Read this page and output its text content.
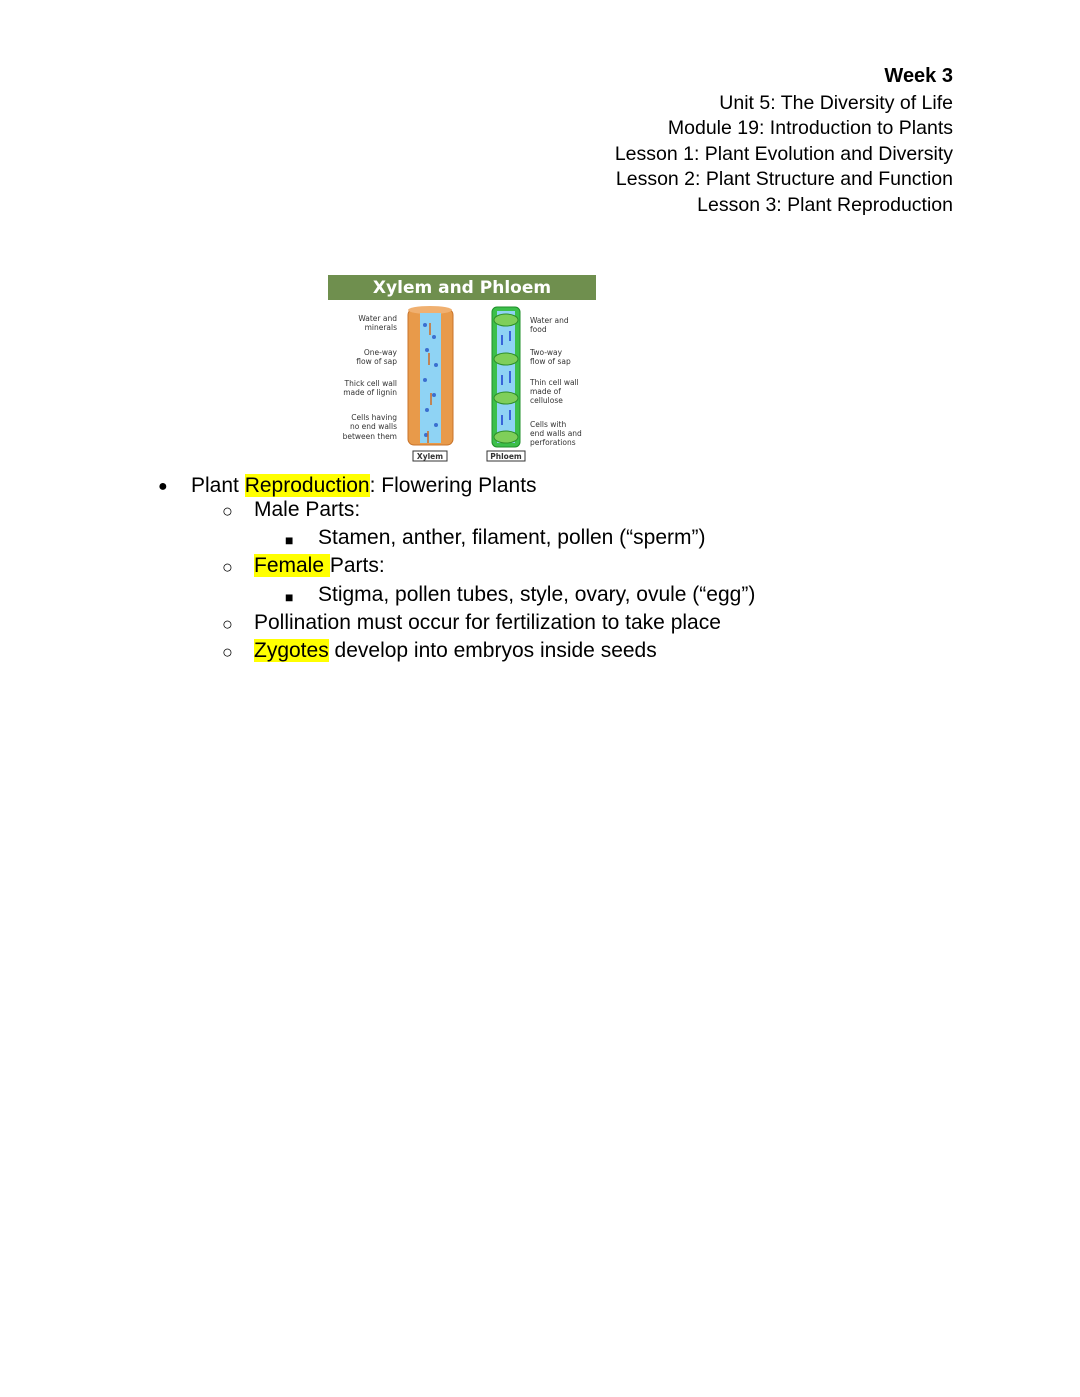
Week 3
Unit 5: The Diversity of Life
Module 19: Introduction to Plants
Lesson 1: Plant Evolution and Diversity
Lesson 2: Plant Structure and Function
Lesson 3: Plant Reproduction
Xylem and Phloem
Water and
minerals
One-way
flow of sap
Thick cell wall
made of lignin
Cells having
no end walls
between them
Water and
food
Two-way
flow of sap
Thin cell wall
made of
cellulose
Cells with
end walls and
perforations
Xylem	Phloem
● Plant Reproduction: Flowering Plants
○ Male Parts:
■ Stamen, anther, filament, pollen (“sperm”)
○ Female Parts:
■ Stigma, pollen tubes, style, ovary, ovule (“egg”)
○ Pollination must occur for fertilization to take place
○ Zygotes develop into embryos inside seeds
